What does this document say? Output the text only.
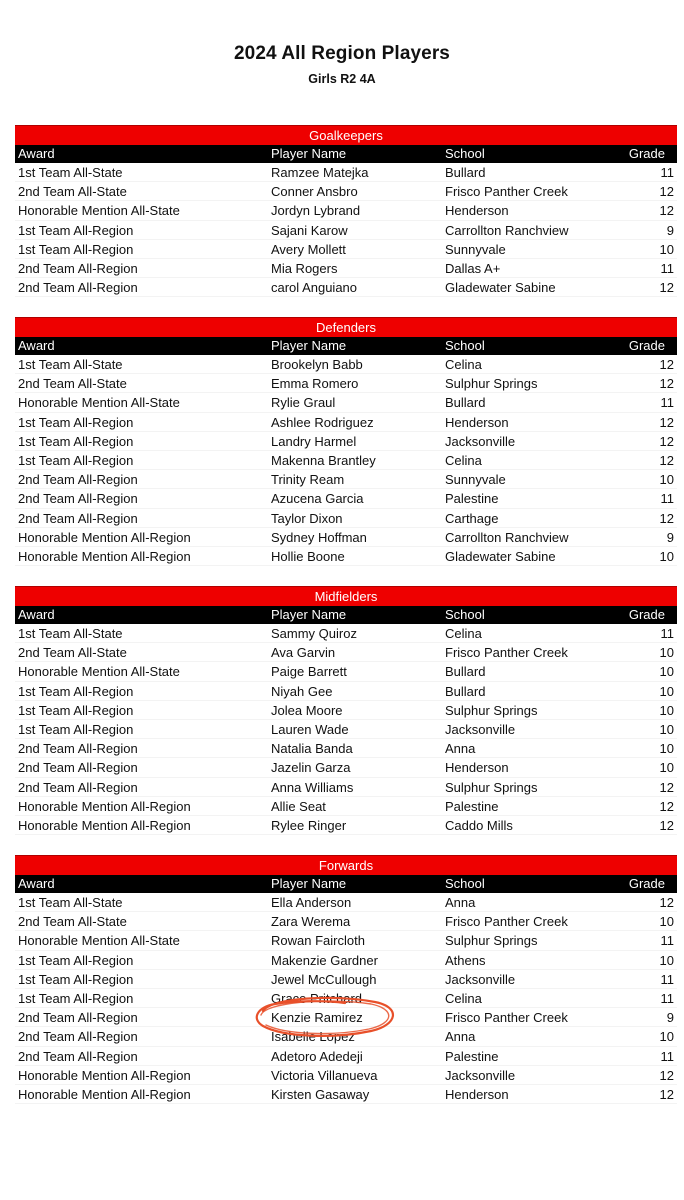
2024 All Region Players
Girls R2 4A
Goalkeepers
Award	Player Name	School	Grade
1st Team All-State	Ramzee Matejka	Bullard	11
2nd Team All-State	Conner Ansbro	Frisco Panther Creek	12
Honorable Mention All-State	Jordyn Lybrand	Henderson	12
1st Team All-Region	Sajani Karow	Carrollton Ranchview	9
1st Team All-Region	Avery Mollett	Sunnyvale	10
2nd Team All-Region	Mia Rogers	Dallas A+	11
2nd Team All-Region	carol Anguiano	Gladewater Sabine	12
Defenders
Award	Player Name	School	Grade
1st Team All-State	Brookelyn Babb	Celina	12
2nd Team All-State	Emma Romero	Sulphur Springs	12
Honorable Mention All-State	Rylie Graul	Bullard	11
1st Team All-Region	Ashlee Rodriguez	Henderson	12
1st Team All-Region	Landry Harmel	Jacksonville	12
1st Team All-Region	Makenna Brantley	Celina	12
2nd Team All-Region	Trinity Ream	Sunnyvale	10
2nd Team All-Region	Azucena Garcia	Palestine	11
2nd Team All-Region	Taylor Dixon	Carthage	12
Honorable Mention All-Region	Sydney Hoffman	Carrollton Ranchview	9
Honorable Mention All-Region	Hollie Boone	Gladewater Sabine	10
Midfielders
Award	Player Name	School	Grade
1st Team All-State	Sammy Quiroz	Celina	11
2nd Team All-State	Ava Garvin	Frisco Panther Creek	10
Honorable Mention All-State	Paige Barrett	Bullard	10
1st Team All-Region	Niyah Gee	Bullard	10
1st Team All-Region	Jolea Moore	Sulphur Springs	10
1st Team All-Region	Lauren Wade	Jacksonville	10
2nd Team All-Region	Natalia Banda	Anna	10
2nd Team All-Region	Jazelin Garza	Henderson	10
2nd Team All-Region	Anna Williams	Sulphur Springs	12
Honorable Mention All-Region	Allie Seat	Palestine	12
Honorable Mention All-Region	Rylee Ringer	Caddo Mills	12
Forwards
Award	Player Name	School	Grade
1st Team All-State	Ella Anderson	Anna	12
2nd Team All-State	Zara Werema	Frisco Panther Creek	10
Honorable Mention All-State	Rowan Faircloth	Sulphur Springs	11
1st Team All-Region	Makenzie Gardner	Athens	10
1st Team All-Region	Jewel McCullough	Jacksonville	11
1st Team All-Region	Grace Pritchard	Celina	11
2nd Team All-Region	Kenzie Ramirez	Frisco Panther Creek	9
2nd Team All-Region	Isabelle Lopez	Anna	10
2nd Team All-Region	Adetoro Adedeji	Palestine	11
Honorable Mention All-Region	Victoria Villanueva	Jacksonville	12
Honorable Mention All-Region	Kirsten Gasaway	Henderson	12
